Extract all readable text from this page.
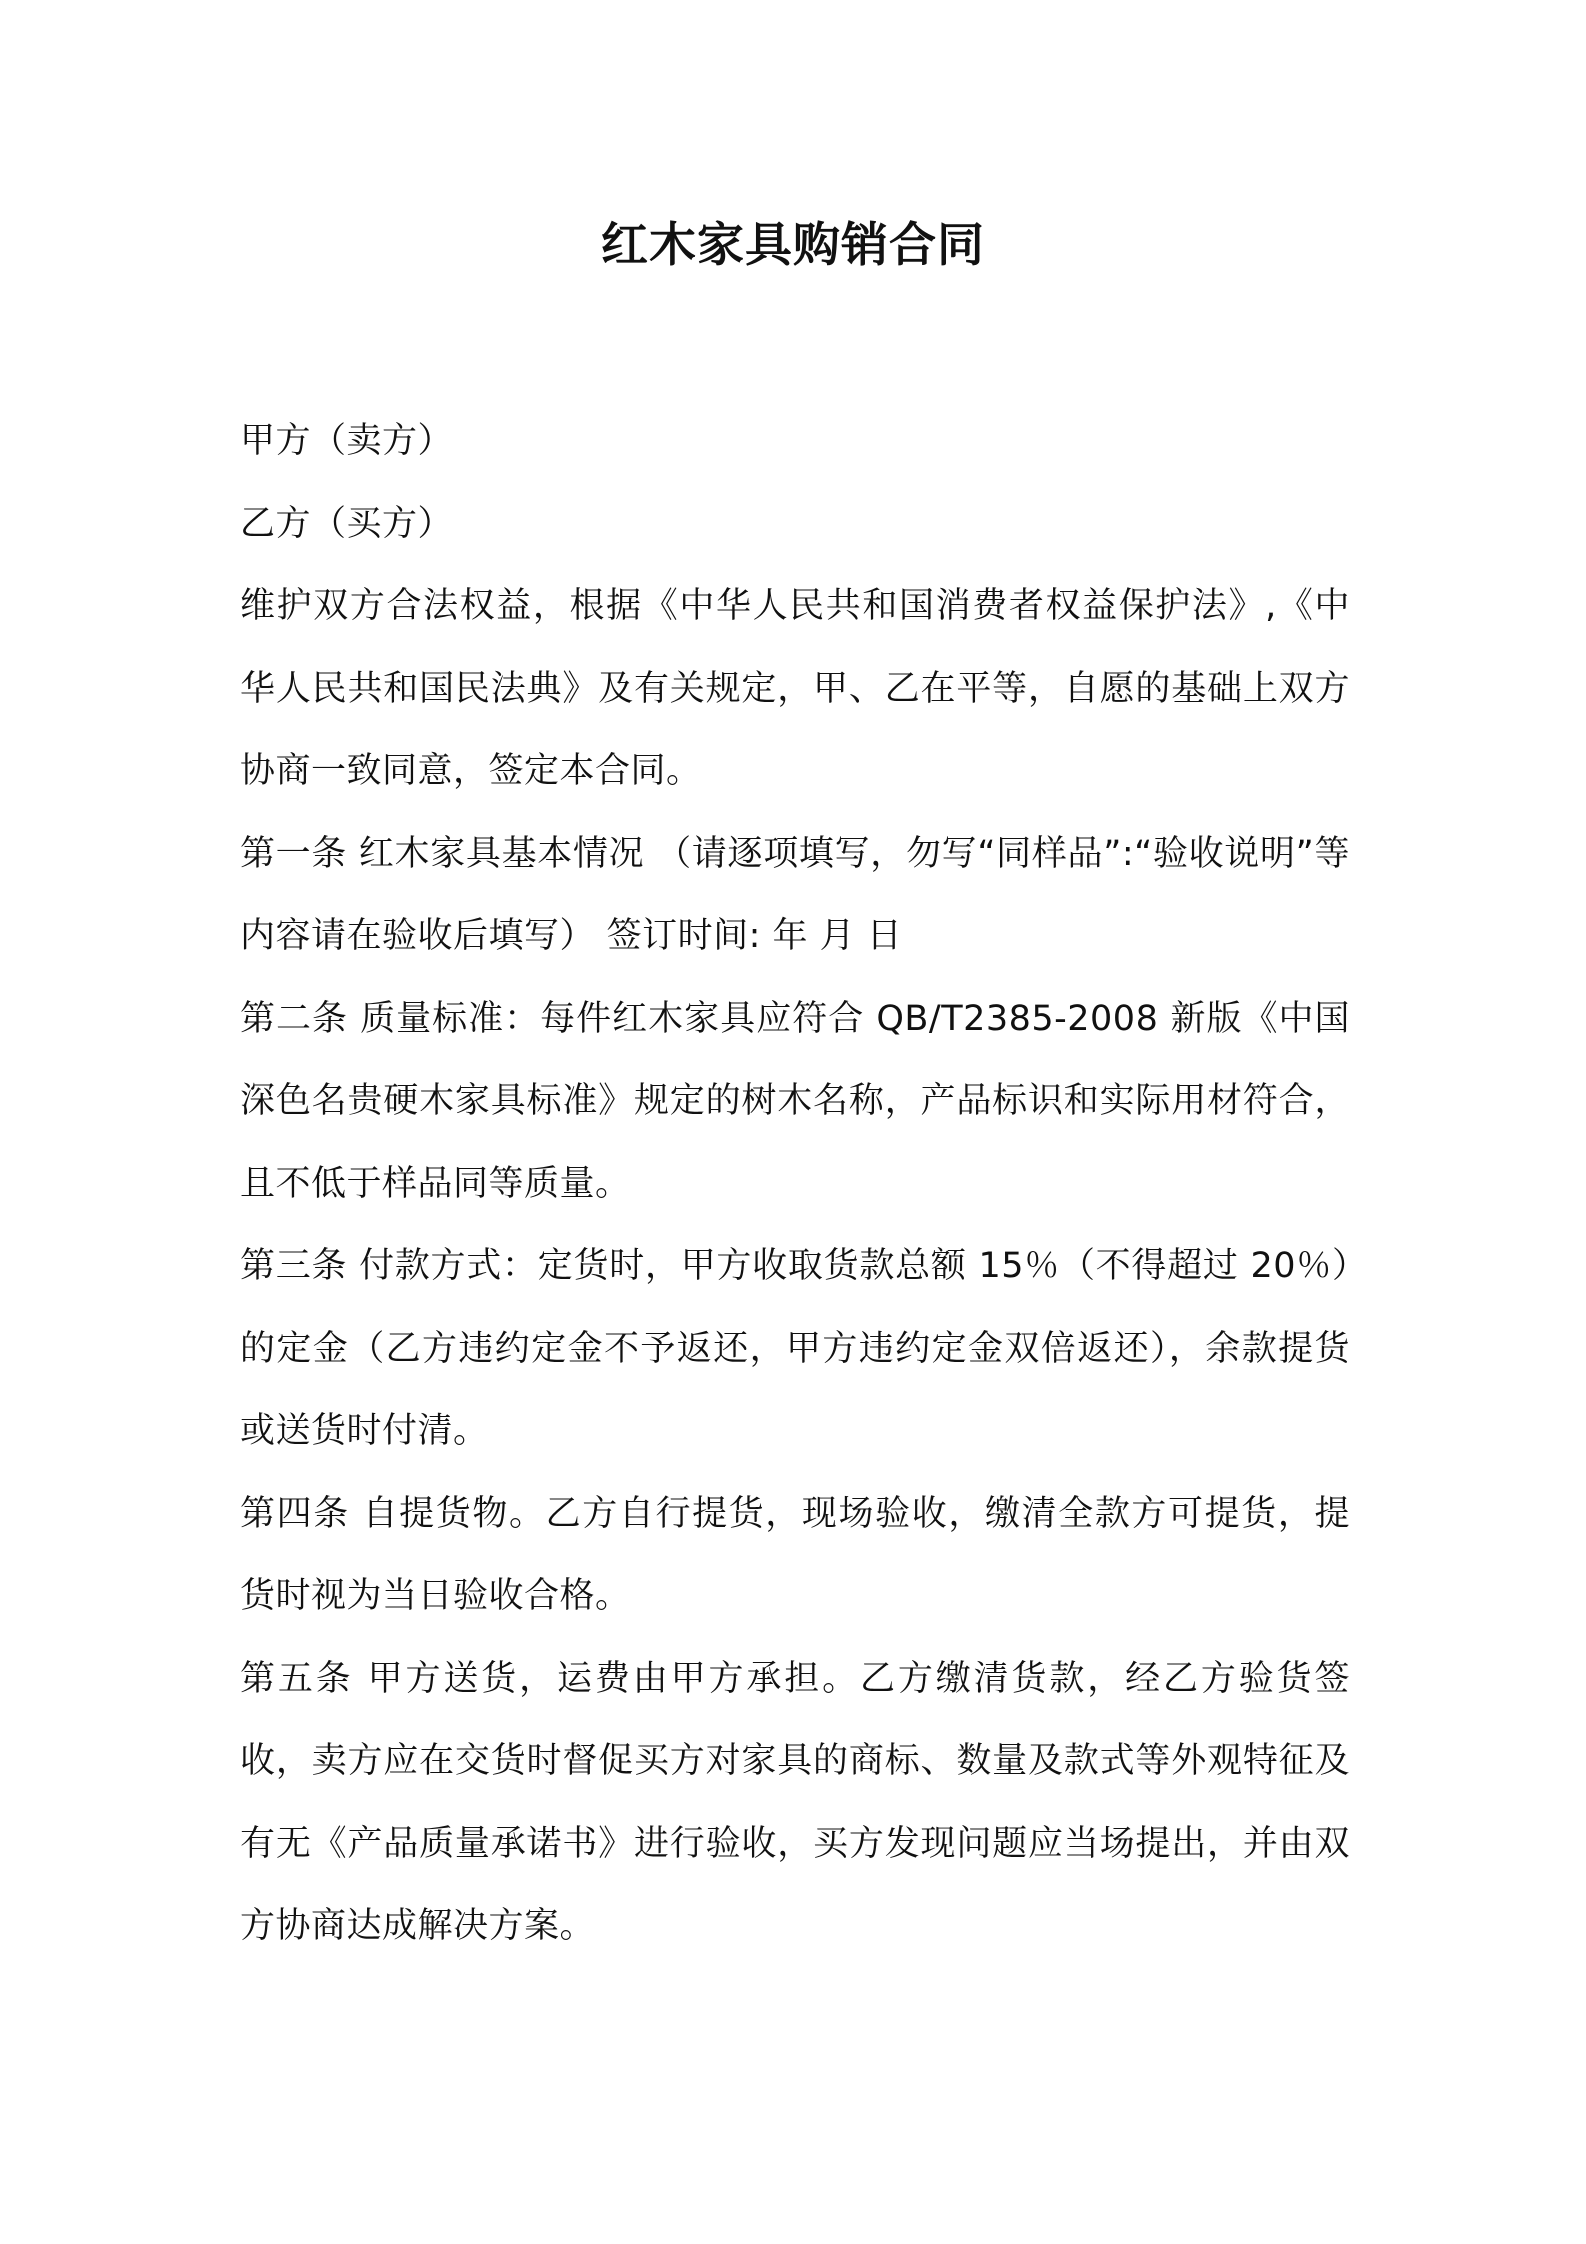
红木家具购销合同

甲方（卖方）

乙方（买方）

维护双方合法权益，根据《中华人民共和国消费者权益保护法》,《中华人民共和国民法典》及有关规定，甲、乙在平等，自愿的基础上双方协商一致同意，签定本合同。

第一条 红木家具基本情况 （请逐项填写，勿写“同样品”:“验收说明”等内容请在验收后填写） 签订时间: 年 月 日

第二条 质量标准：每件红木家具应符合 QB/T2385-2008 新版《中国深色名贵硬木家具标准》规定的树木名称，产品标识和实际用材符合，且不低于样品同等质量。

第三条 付款方式：定货时，甲方收取货款总额 15％（不得超过 20％）的定金（乙方违约定金不予返还，甲方违约定金双倍返还），余款提货或送货时付清。

第四条 自提货物。乙方自行提货，现场验收，缴清全款方可提货，提货时视为当日验收合格。

第五条 甲方送货，运费由甲方承担。乙方缴清货款，经乙方验货签收，卖方应在交货时督促买方对家具的商标、数量及款式等外观特征及有无《产品质量承诺书》进行验收，买方发现问题应当场提出，并由双方协商达成解决方案。
